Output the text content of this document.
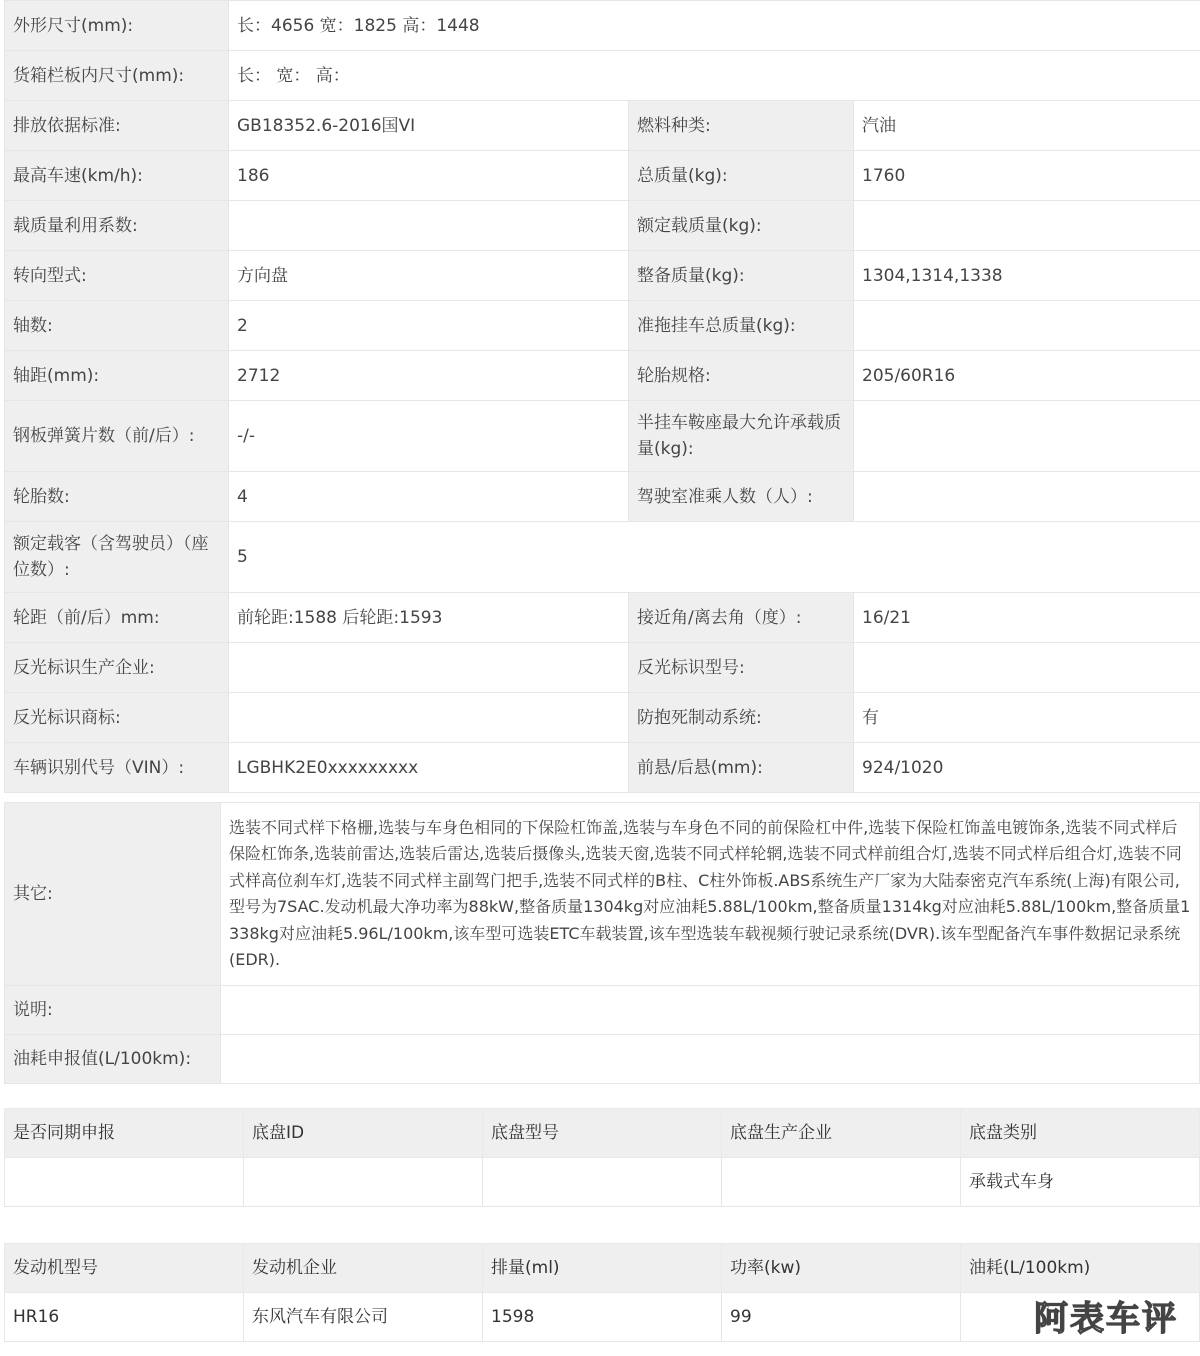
外形尺寸(mm):	长：4656 宽：1825 高：1448		
货箱栏板内尺寸(mm):	长： 宽： 高：		
排放依据标准:	GB18352.6-2016国VI	燃料种类:	汽油
最高车速(km/h):	186	总质量(kg):	1760
载质量利用系数:		额定载质量(kg):	
转向型式:	方向盘	整备质量(kg):	1304,1314,1338
轴数:	2	准拖挂车总质量(kg):	
轴距(mm):	2712	轮胎规格:	205/60R16
钢板弹簧片数（前/后）:	-/-	半挂车鞍座最大允许承载质量(kg):	
轮胎数:	4	驾驶室准乘人数（人）:	
额定载客（含驾驶员）（座位数）:	5		
轮距（前/后）mm:	前轮距:1588 后轮距:1593	接近角/离去角（度）:	16/21
反光标识生产企业:		反光标识型号:	
反光标识商标:		防抱死制动系统:	有
车辆识别代号（VIN）:	LGBHK2E0xxxxxxxxx	前悬/后悬(mm):	924/1020
其它:	选装不同式样下格栅,选装与车身色相同的下保险杠饰盖,选装与车身色不同的前保险杠中件,选装下保险杠饰盖电镀饰条,选装不同式样后保险杠饰条,选装前雷达,选装后雷达,选装后摄像头,选装天窗,选装不同式样轮辋,选装不同式样前组合灯,选装不同式样后组合灯,选装不同式样高位刹车灯,选装不同式样主副驾门把手,选装不同式样的B柱、C柱外饰板.ABS系统生产厂家为大陆泰密克汽车系统(上海)有限公司,型号为7SAC.发动机最大净功率为88kW,整备质量1304kg对应油耗5.88L/100km,整备质量1314kg对应油耗5.88L/100km,整备质量1338kg对应油耗5.96L/100km,该车型可选装ETC车载装置,该车型选装车载视频行驶记录系统(DVR).该车型配备汽车事件数据记录系统(EDR).
说明:	
油耗申报值(L/100km):	
是否同期申报	底盘ID	底盘型号	底盘生产企业	底盘类别
				承载式车身
发动机型号	发动机企业	排量(ml)	功率(kw)	油耗(L/100km)
HR16	东风汽车有限公司	1598	99		阿表车评
